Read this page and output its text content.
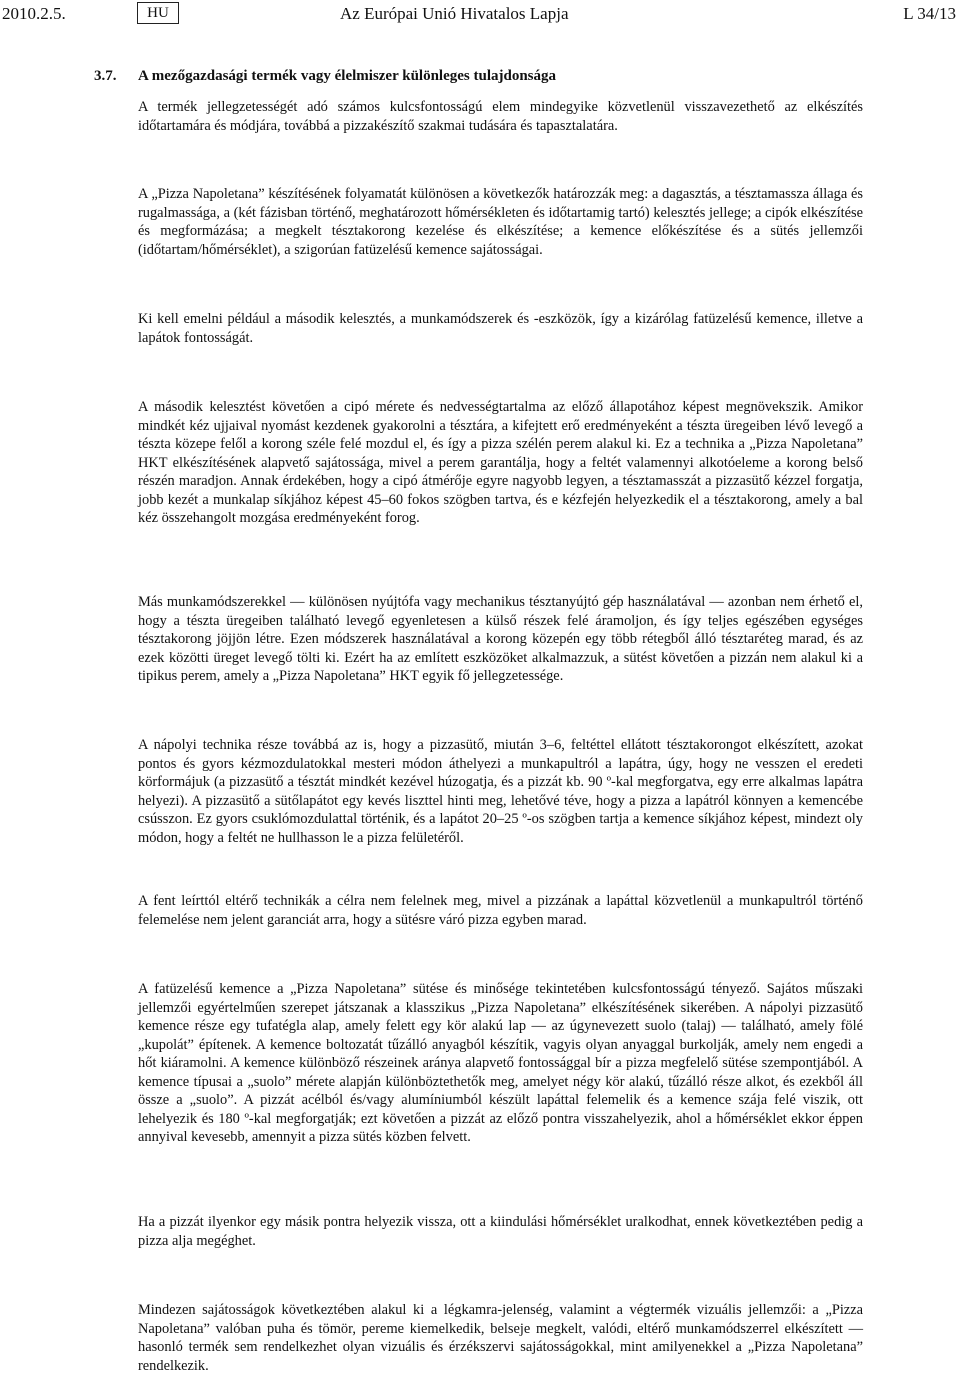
2010.2.5.	HU	Az Európai Unió Hivatalos Lapja	L 34/13
3.7. A mezőgazdasági termék vagy élelmiszer különleges tulajdonsága

A termék jellegzetességét adó számos kulcsfontosságú elem mindegyike közvetlenül visszavezethető az elkészítés időtartamára és módjára, továbbá a pizzakészítő szakmai tudására és tapasztalatára.

A „Pizza Napoletana” készítésének folyamatát különösen a következők határozzák meg: a dagasztás, a tésztamassza állaga és rugalmassága, a (két fázisban történő, meghatározott hőmérsékleten és időtartamig tartó) kelesztés jellege; a cipók elkészítése és megformázása; a megkelt tésztakorong kezelése és elkészítése; a kemence előkészítése és a sütés jellemzői (időtartam/hőmérséklet), a szigorúan fatüzelésű kemence sajátosságai.

Ki kell emelni például a második kelesztés, a munkamódszerek és -eszközök, így a kizárólag fatüzelésű kemence, illetve a lapátok fontosságát.

A második kelesztést követően a cipó mérete és nedvességtartalma az előző állapotához képest megnövekszik. Amikor mindkét kéz ujjaival nyomást kezdenek gyakorolni a tésztára, a kifejtett erő eredményeként a tészta üregeiben lévő levegő a tészta közepe felől a korong széle felé mozdul el, és így a pizza szélén perem alakul ki. Ez a technika a „Pizza Napoletana” HKT elkészítésének alapvető sajátossága, mivel a perem garantálja, hogy a feltét valamennyi alkotóeleme a korong belső részén maradjon. Annak érdekében, hogy a cipó átmérője egyre nagyobb legyen, a tésztamasszát a pizzasütő kézzel forgatja, jobb kezét a munkalap síkjához képest 45–60 fokos szögben tartva, és e kézfején helyezkedik el a tésztakorong, amely a bal kéz összehangolt mozgása eredményeként forog.

Más munkamódszerekkel — különösen nyújtófa vagy mechanikus tésztanyújtó gép használatával — azonban nem érhető el, hogy a tészta üregeiben található levegő egyenletesen a külső részek felé áramoljon, és így teljes egészében egységes tésztakorong jöjjön létre. Ezen módszerek használatával a korong közepén egy több rétegből álló tésztaréteg marad, és az ezek közötti üreget levegő tölti ki. Ezért ha az említett eszközöket alkalmazzuk, a sütést követően a pizzán nem alakul ki a tipikus perem, amely a „Pizza Napoletana” HKT egyik fő jellegzetessége.

A nápolyi technika része továbbá az is, hogy a pizzasütő, miután 3–6, feltéttel ellátott tésztakorongot elkészített, azokat pontos és gyors kézmozdulatokkal mesteri módon áthelyezi a munkapultról a lapátra, úgy, hogy ne vesszen el eredeti körformájuk (a pizzasütő a tésztát mindkét kezével húzogatja, és a pizzát kb. 90 º-kal megforgatva, egy erre alkalmas lapátra helyezi). A pizzasütő a sütőlapátot egy kevés liszttel hinti meg, lehetővé téve, hogy a pizza a lapátról könnyen a kemencébe csússzon. Ez gyors csuklómozdulattal történik, és a lapátot 20–25 º-os szögben tartja a kemence síkjához képest, mindezt oly módon, hogy a feltét ne hullhasson le a pizza felületéről.

A fent leírttól eltérő technikák a célra nem felelnek meg, mivel a pizzának a lapáttal közvetlenül a munkapultról történő felemelése nem jelent garanciát arra, hogy a sütésre váró pizza egyben marad.

A fatüzelésű kemence a „Pizza Napoletana” sütése és minősége tekintetében kulcsfontosságú tényező. Sajátos műszaki jellemzői egyértelműen szerepet játszanak a klasszikus „Pizza Napoletana” elkészítésének sikerében. A nápolyi pizzasütő kemence része egy tufatégla alap, amely felett egy kör alakú lap — az úgynevezett suolo (talaj) — található, amely fölé „kupolát” építenek. A kemence boltozatát tűzálló anyagból készítik, vagyis olyan anyaggal burkolják, amely nem engedi a hőt kiáramolni. A kemence különböző részeinek aránya alapvető fontossággal bír a pizza megfelelő sütése szempontjából. A kemence típusai a „suolo” mérete alapján különböztethetők meg, amelyet négy kör alakú, tűzálló része alkot, és ezekből áll össze a „suolo”. A pizzát acélból és/vagy alumíniumból készült lapáttal felemelik és a kemence szája felé viszik, ott lehelyezik és 180 º-kal megforgatják; ezt követően a pizzát az előző pontra visszahelyezik, ahol a hőmérséklet ekkor éppen annyival kevesebb, amennyit a pizza sütés közben felvett.

Ha a pizzát ilyenkor egy másik pontra helyezik vissza, ott a kiindulási hőmérséklet uralkodhat, ennek következtében pedig a pizza alja megéghet.

Mindezen sajátosságok következtében alakul ki a légkamra-jelenség, valamint a végtermék vizuális jellemzői: a „Pizza Napoletana” valóban puha és tömör, pereme kiemelkedik, belseje megkelt, valódi, eltérő munkamódszerrel elkészített — hasonló termék sem rendelkezhet olyan vizuális és érzékszervi sajátosságokkal, mint amilyenekkel a „Pizza Napoletana” rendelkezik.
